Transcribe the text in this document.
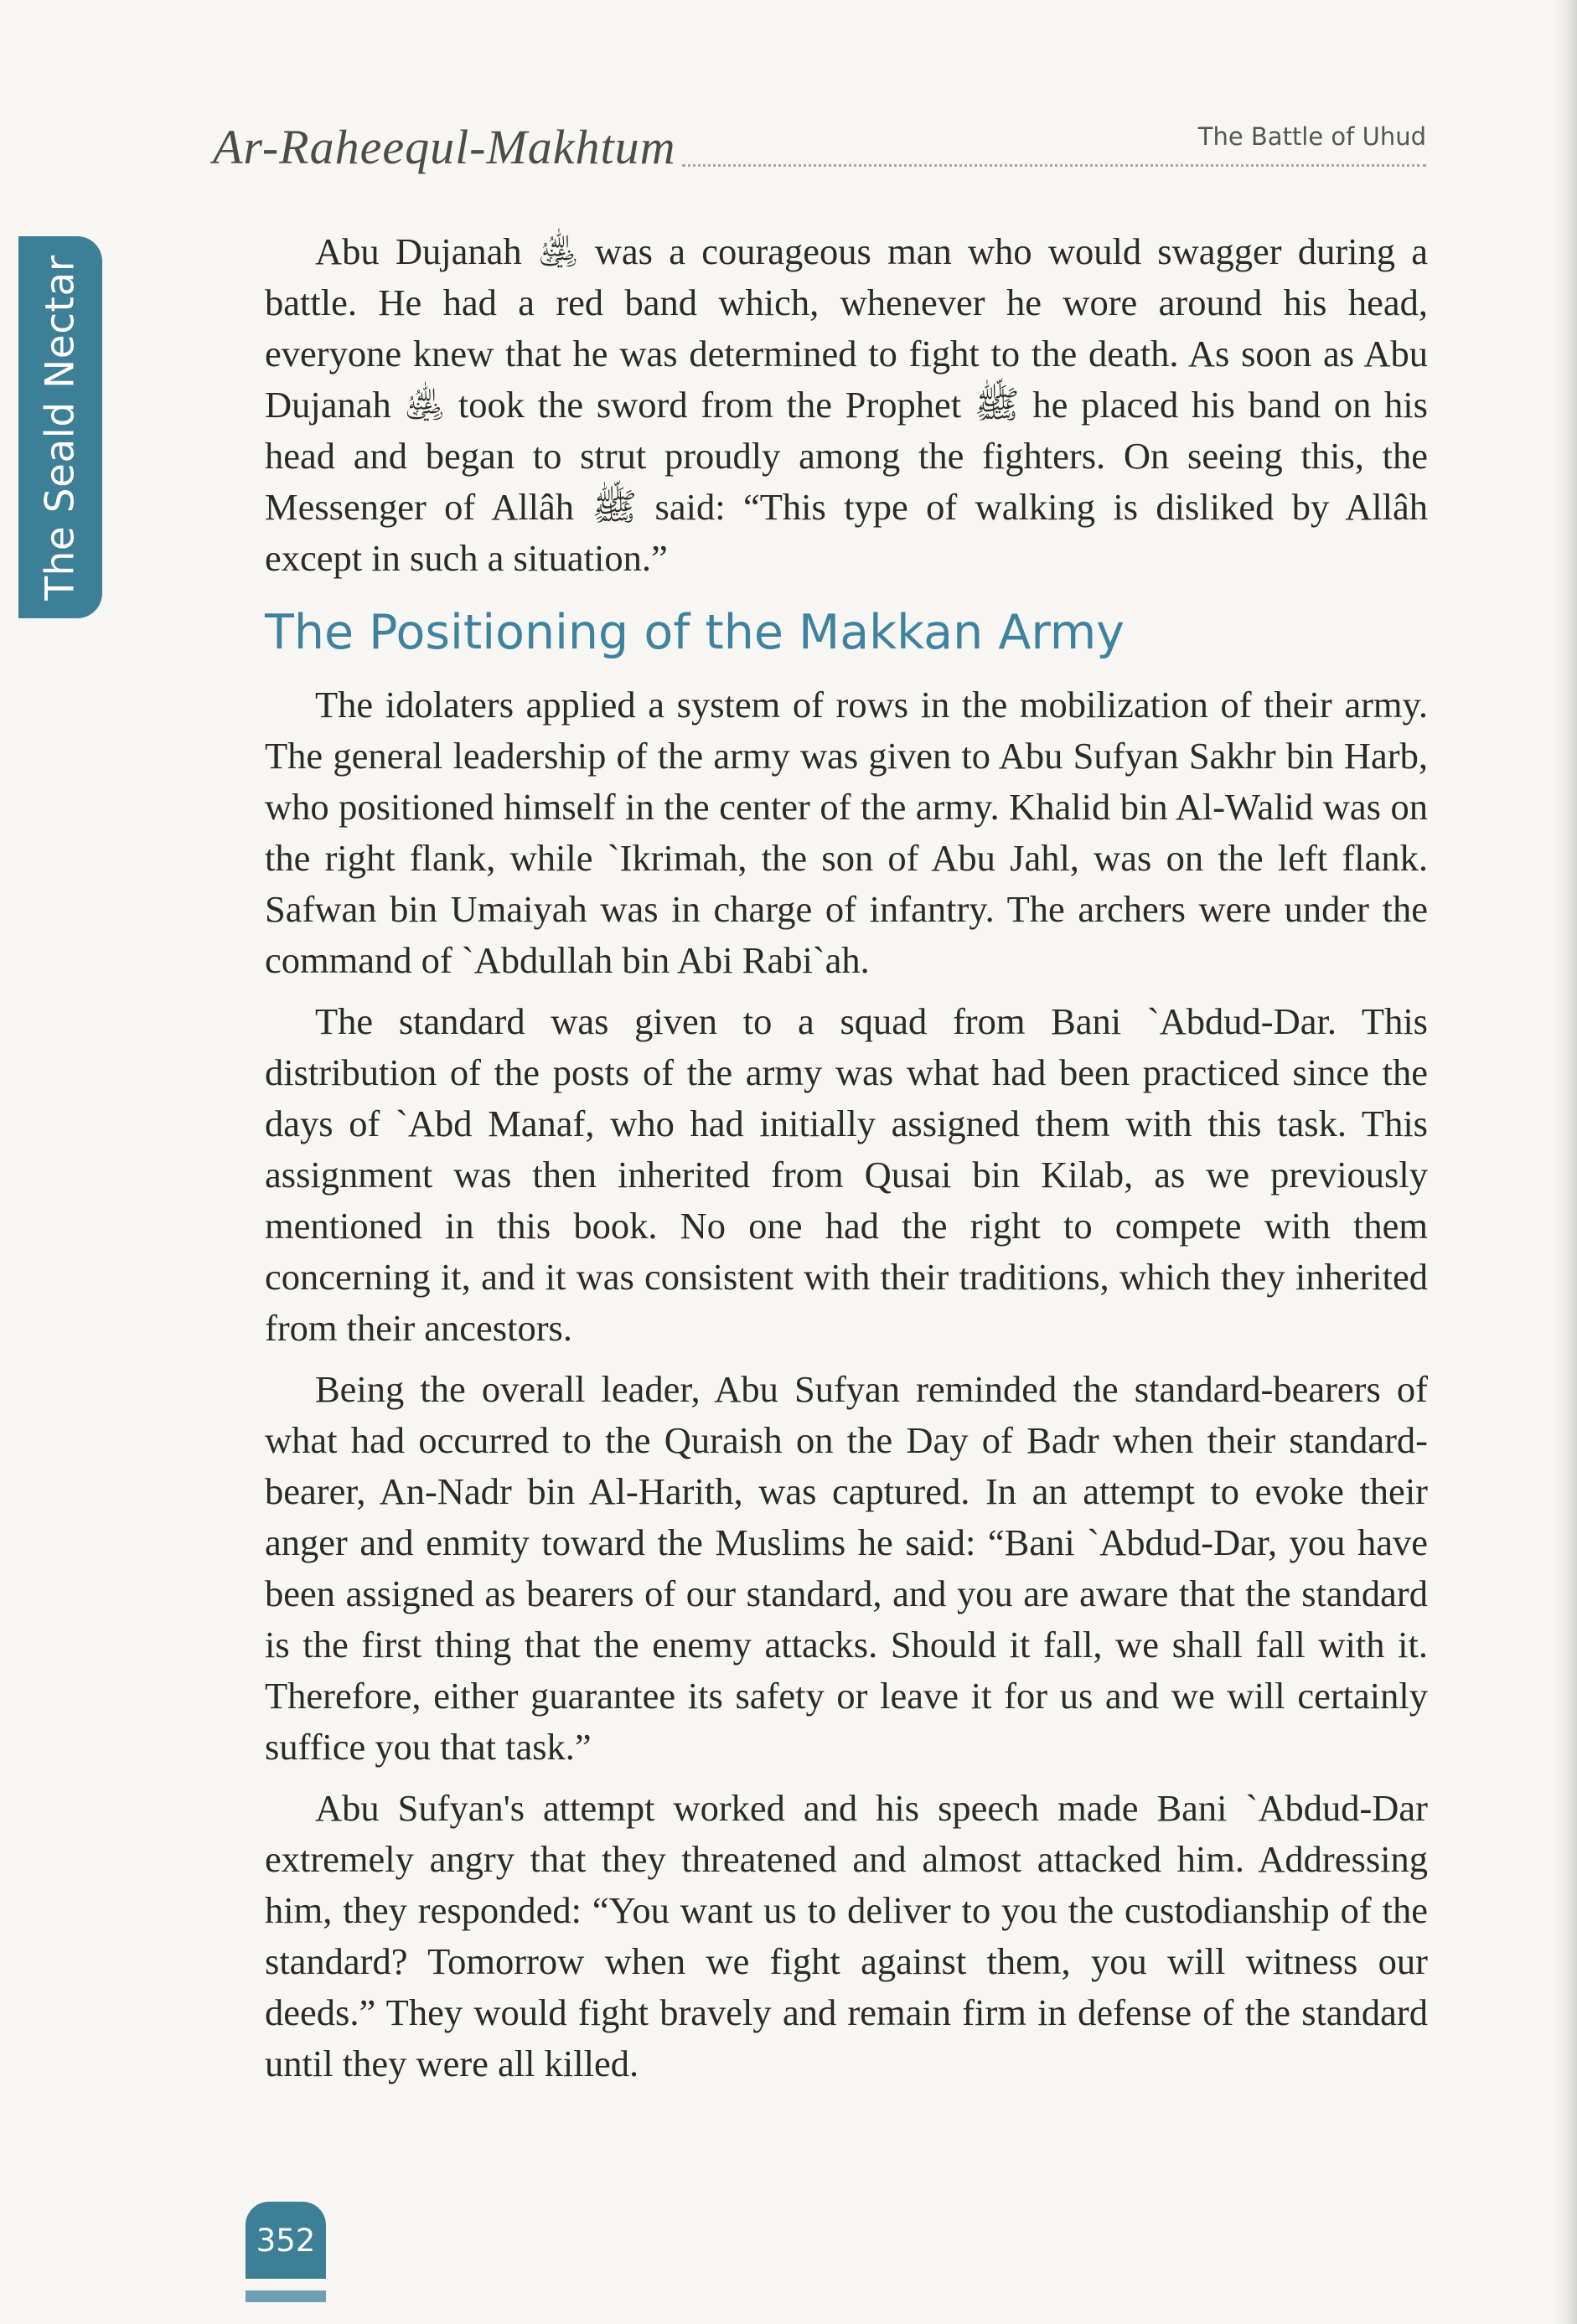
The Seald Nectar
Ar-Raheequl-Makhtum	The Battle of Uhud

Abu Dujanah ﵁ was a courageous man who would swagger during a battle. He had a red band which, whenever he wore around his head, everyone knew that he was determined to fight to the death. As soon as Abu Dujanah ﵁ took the sword from the Prophet ﷺ he placed his band on his head and began to strut proudly among the fighters. On seeing this, the Messenger of Allâh ﷺ said: “This type of walking is disliked by Allâh except in such a situation.”

The Positioning of the Makkan Army

The idolaters applied a system of rows in the mobilization of their army. The general leadership of the army was given to Abu Sufyan Sakhr bin Harb, who positioned himself in the center of the army. Khalid bin Al-Walid was on the right flank, while `Ikrimah, the son of Abu Jahl, was on the left flank. Safwan bin Umaiyah was in charge of infantry. The archers were under the command of `Abdullah bin Abi Rabi`ah.

The standard was given to a squad from Bani `Abdud-Dar. This distribution of the posts of the army was what had been practiced since the days of `Abd Manaf, who had initially assigned them with this task. This assignment was then inherited from Qusai bin Kilab, as we previously mentioned in this book. No one had the right to compete with them concerning it, and it was consistent with their traditions, which they inherited from their ancestors.

Being the overall leader, Abu Sufyan reminded the standard-bearers of what had occurred to the Quraish on the Day of Badr when their standard-bearer, An-Nadr bin Al-Harith, was captured. In an attempt to evoke their anger and enmity toward the Muslims he said: “Bani `Abdud-Dar, you have been assigned as bearers of our standard, and you are aware that the standard is the first thing that the enemy attacks. Should it fall, we shall fall with it. Therefore, either guarantee its safety or leave it for us and we will certainly suffice you that task.”

Abu Sufyan's attempt worked and his speech made Bani `Abdud-Dar extremely angry that they threatened and almost attacked him. Addressing him, they responded: “You want us to deliver to you the custodianship of the standard? Tomorrow when we fight against them, you will witness our deeds.” They would fight bravely and remain firm in defense of the standard until they were all killed.

352
